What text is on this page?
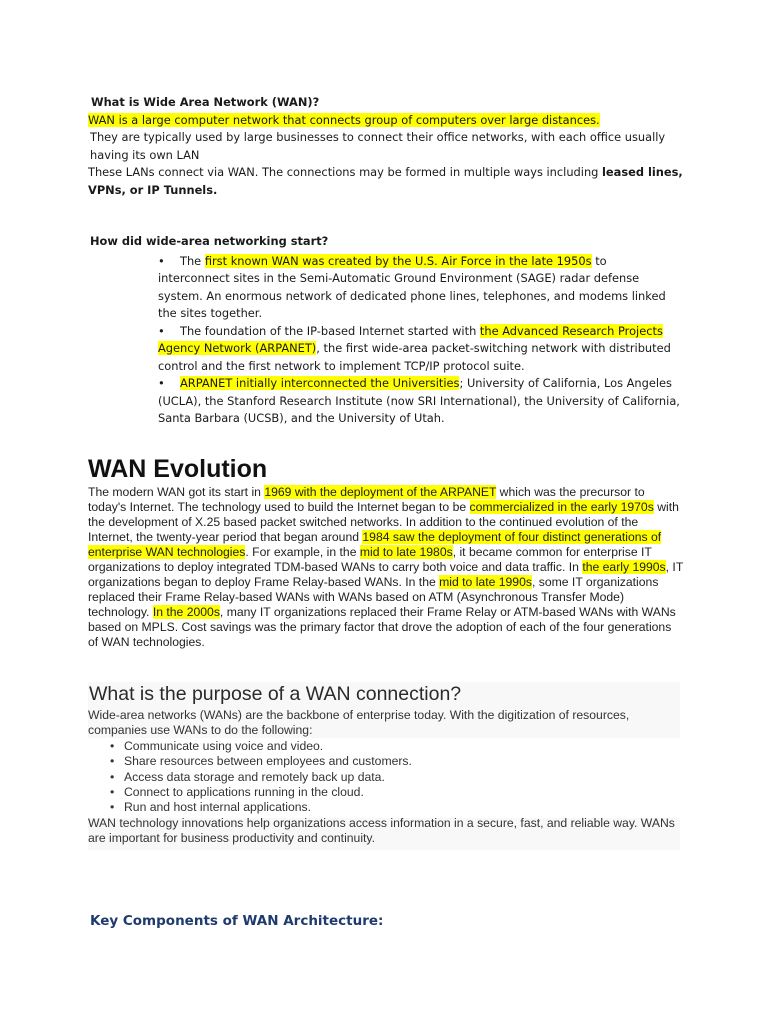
What is Wide Area Network (WAN)?

WAN is a large computer network that connects group of computers over large distances.

They are typically used by large businesses to connect their office networks, with each office usually having its own LAN

These LANs connect via WAN. The connections may be formed in multiple ways including leased lines, VPNs, or IP Tunnels.

How did wide-area networking start?

• The first known WAN was created by the U.S. Air Force in the late 1950s to interconnect sites in the Semi-Automatic Ground Environment (SAGE) radar defense system. An enormous network of dedicated phone lines, telephones, and modems linked the sites together.
• The foundation of the IP-based Internet started with the Advanced Research Projects Agency Network (ARPANET), the first wide-area packet-switching network with distributed control and the first network to implement TCP/IP protocol suite.
• ARPANET initially interconnected the Universities; University of California, Los Angeles (UCLA), the Stanford Research Institute (now SRI International), the University of California, Santa Barbara (UCSB), and the University of Utah.
WAN Evolution

The modern WAN got its start in 1969 with the deployment of the ARPANET which was the precursor to today's Internet. The technology used to build the Internet began to be commercialized in the early 1970s with the development of X.25 based packet switched networks. In addition to the continued evolution of the Internet, the twenty-year period that began around 1984 saw the deployment of four distinct generations of enterprise WAN technologies. For example, in the mid to late 1980s, it became common for enterprise IT organizations to deploy integrated TDM-based WANs to carry both voice and data traffic. In the early 1990s, IT organizations began to deploy Frame Relay-based WANs. In the mid to late 1990s, some IT organizations replaced their Frame Relay-based WANs with WANs based on ATM (Asynchronous Transfer Mode) technology. In the 2000s, many IT organizations replaced their Frame Relay or ATM-based WANs with WANs based on MPLS. Cost savings was the primary factor that drove the adoption of each of the four generations of WAN technologies.

What is the purpose of a WAN connection?

Wide-area networks (WANs) are the backbone of enterprise today. With the digitization of resources, companies use WANs to do the following:

• Communicate using voice and video.
• Share resources between employees and customers.
• Access data storage and remotely back up data.
• Connect to applications running in the cloud.
• Run and host internal applications.

WAN technology innovations help organizations access information in a secure, fast, and reliable way. WANs are important for business productivity and continuity.

Key Components of WAN Architecture:
